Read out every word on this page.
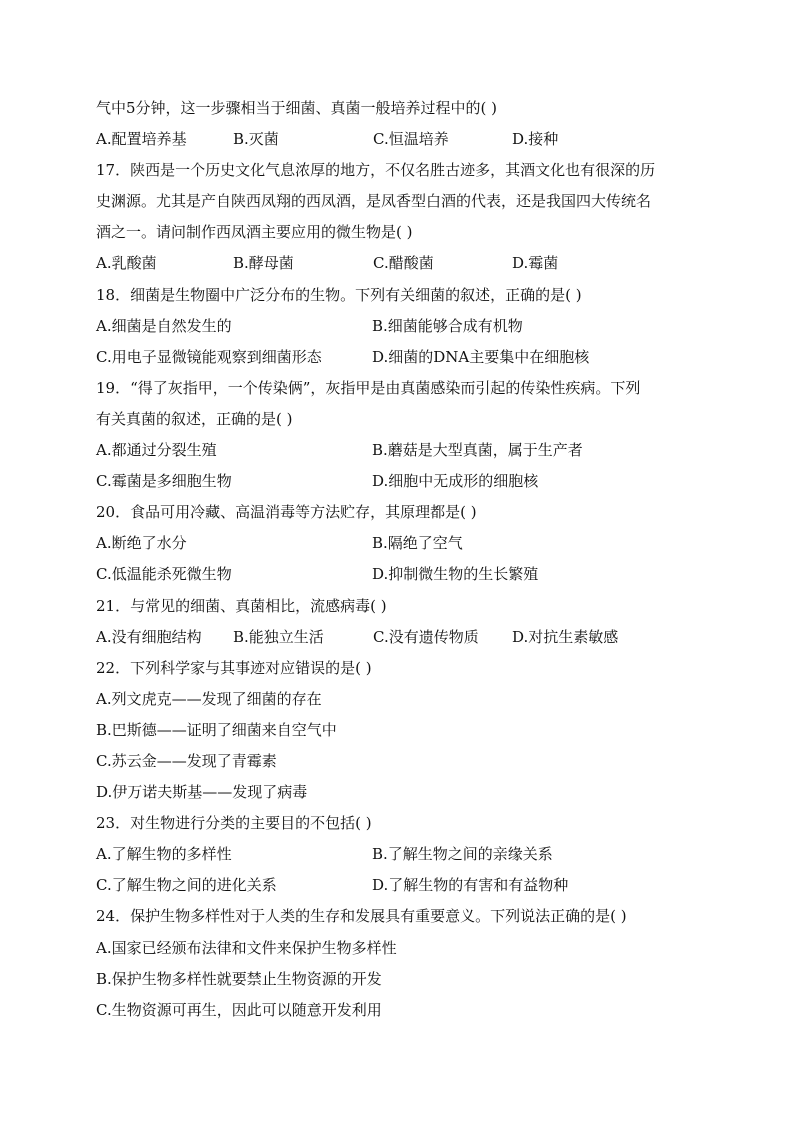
气中5分钟，这一步骤相当于细菌、真菌一般培养过程中的( )
A.配置培养基	B.灭菌	C.恒温培养	D.接种
17．陕西是一个历史文化气息浓厚的地方，不仅名胜古迹多，其酒文化也有很深的历
史渊源。尤其是产自陕西凤翔的西凤酒，是凤香型白酒的代表，还是我国四大传统名
酒之一。请问制作西凤酒主要应用的微生物是( )
A.乳酸菌	B.酵母菌	C.醋酸菌	D.霉菌
18．细菌是生物圈中广泛分布的生物。下列有关细菌的叙述，正确的是( )
A.细菌是自然发生的	B.细菌能够合成有机物
C.用电子显微镜能观察到细菌形态	D.细菌的DNA主要集中在细胞核
19．“得了灰指甲，一个传染俩”，灰指甲是由真菌感染而引起的传染性疾病。下列
有关真菌的叙述，正确的是( )
A.都通过分裂生殖	B.蘑菇是大型真菌，属于生产者
C.霉菌是多细胞生物	D.细胞中无成形的细胞核
20．食品可用冷藏、高温消毒等方法贮存，其原理都是( )
A.断绝了水分	B.隔绝了空气
C.低温能杀死微生物	D.抑制微生物的生长繁殖
21．与常见的细菌、真菌相比，流感病毒( )
A.没有细胞结构	B.能独立生活	C.没有遗传物质	D.对抗生素敏感
22．下列科学家与其事迹对应错误的是( )
A.列文虎克——发现了细菌的存在
B.巴斯德——证明了细菌来自空气中
C.苏云金——发现了青霉素
D.伊万诺夫斯基——发现了病毒
23．对生物进行分类的主要目的不包括( )
A.了解生物的多样性	B.了解生物之间的亲缘关系
C.了解生物之间的进化关系	D.了解生物的有害和有益物种
24．保护生物多样性对于人类的生存和发展具有重要意义。下列说法正确的是( )
A.国家已经颁布法律和文件来保护生物多样性
B.保护生物多样性就要禁止生物资源的开发
C.生物资源可再生，因此可以随意开发利用
